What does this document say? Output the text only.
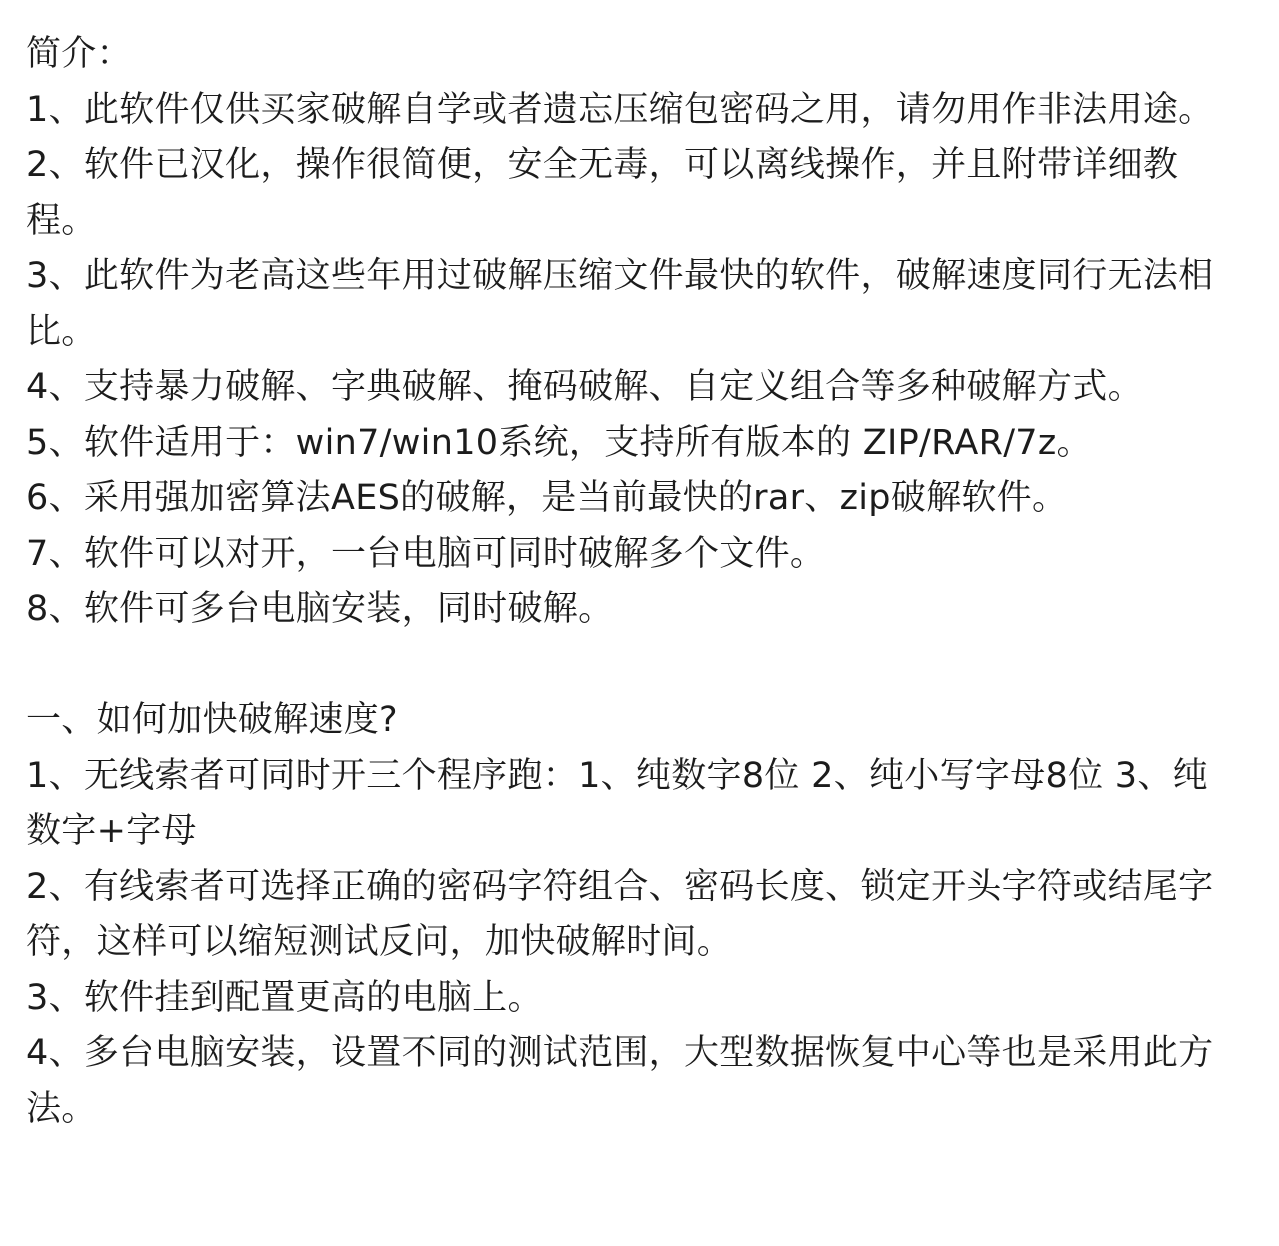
简介：

1、此软件仅供买家破解自学或者遗忘压缩包密码之用，请勿用作非法用途。

2、软件已汉化，操作很简便，安全无毒，可以离线操作，并且附带详细教程。

3、此软件为老高这些年用过破解压缩文件最快的软件，破解速度同行无法相比。

4、支持暴力破解、字典破解、掩码破解、自定义组合等多种破解方式。

5、软件适用于：win7/win10系统，支持所有版本的 ZIP/RAR/7z。

6、采用强加密算法AES的破解，是当前最快的rar、zip破解软件。

7、软件可以对开，一台电脑可同时破解多个文件。

8、软件可多台电脑安装，同时破解。

一、如何加快破解速度?

1、无线索者可同时开三个程序跑：1、纯数字8位 2、纯小写字母8位 3、纯数字+字母

2、有线索者可选择正确的密码字符组合、密码长度、锁定开头字符或结尾字符，这样可以缩短测试反问，加快破解时间。

3、软件挂到配置更高的电脑上。

4、多台电脑安装，设置不同的测试范围，大型数据恢复中心等也是采用此方法。
